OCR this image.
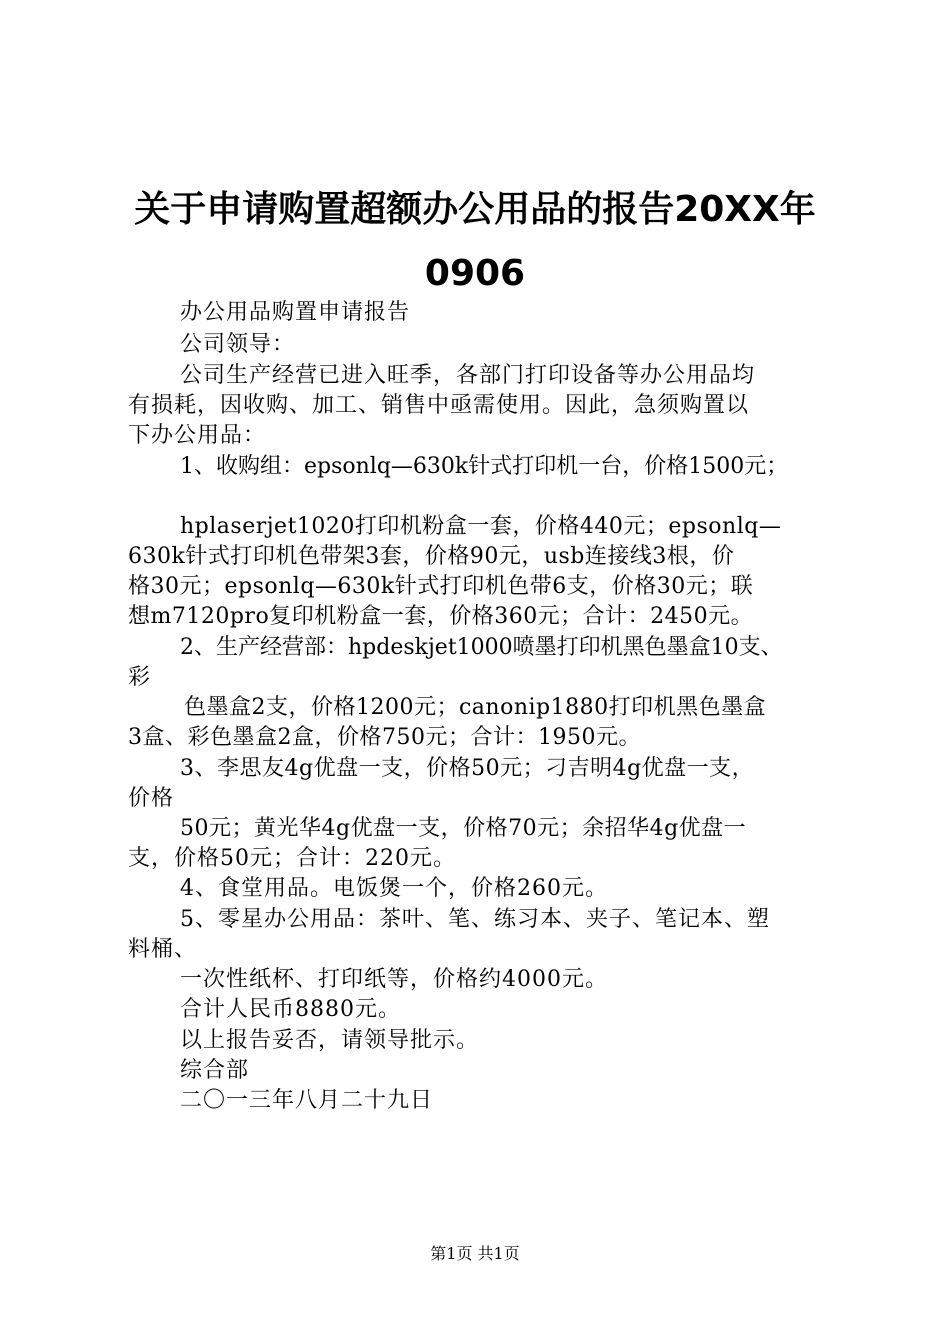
关于申请购置超额办公用品的报告20XX年
0906
办公用品购置申请报告
公司领导：
公司生产经营已进入旺季，各部门打印设备等办公用品均
有损耗，因收购、加工、销售中亟需使用。因此，急须购置以
下办公用品：
1、收购组：epsonlq—630k针式打印机一台，价格1500元；
hplaserjet1020打印机粉盒一套，价格440元；epsonlq—
630k针式打印机色带架3套，价格90元，usb连接线3根，价
格30元；epsonlq—630k针式打印机色带6支，价格30元；联
想m7120pro复印机粉盒一套，价格360元；合计：2450元。
2、生产经营部：hpdeskjet1000喷墨打印机黑色墨盒10支、
彩
色墨盒2支，价格1200元；canonip1880打印机黑色墨盒
3盒、彩色墨盒2盒，价格750元；合计：1950元。
3、李思友4g优盘一支，价格50元；刁吉明4g优盘一支，
价格
50元；黄光华4g优盘一支，价格70元；余招华4g优盘一
支，价格50元；合计：220元。
4、食堂用品。电饭煲一个，价格260元。
5、零星办公用品：茶叶、笔、练习本、夹子、笔记本、塑
料桶、
一次性纸杯、打印纸等，价格约4000元。
合计人民币8880元。
以上报告妥否，请领导批示。
综合部
二〇一三年八月二十九日
第1页 共1页
